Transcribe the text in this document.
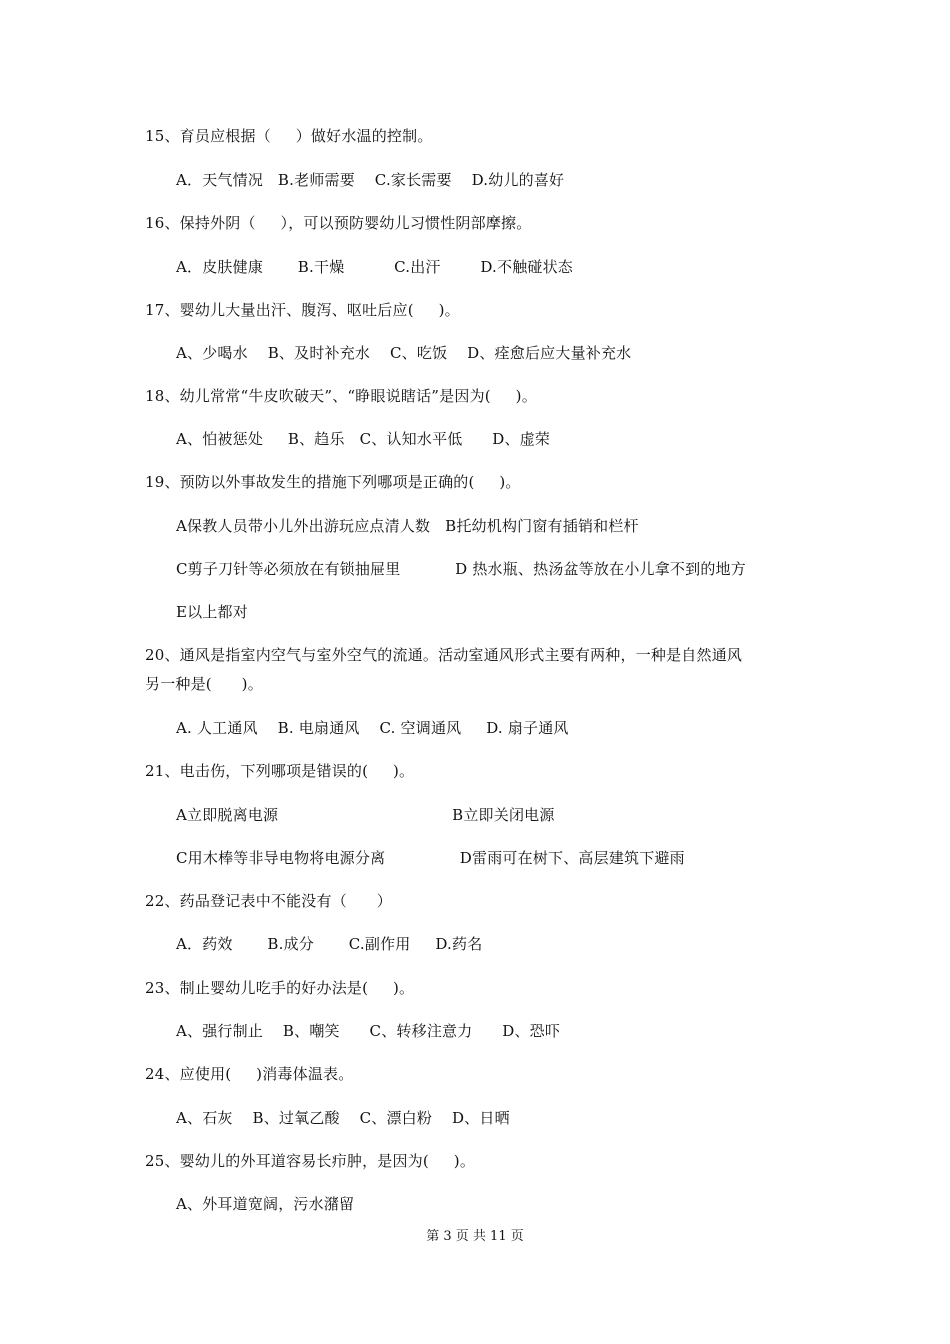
15、育员应根据（     ）做好水温的控制。
A．天气情况   B.老师需要    C.家长需要    D.幼儿的喜好
16、保持外阴（     ），可以预防婴幼儿习惯性阴部摩擦。
A．皮肤健康       B.干燥          C.出汗        D.不触碰状态
17、婴幼儿大量出汗、腹泻、呕吐后应(     )。
A、少喝水    B、及时补充水    C、吃饭    D、痊愈后应大量补充水
18、幼儿常常“牛皮吹破天”、“睁眼说瞎话”是因为(     )。
A、怕被惩处     B、趋乐   C、认知水平低      D、虚荣
19、预防以外事故发生的措施下列哪项是正确的(     )。
A保教人员带小儿外出游玩应点清人数   B托幼机构门窗有插销和栏杆
C剪子刀针等必须放在有锁抽屉里           D 热水瓶、热汤盆等放在小儿拿不到的地方
E以上都对
20、通风是指室内空气与室外空气的流通。活动室通风形式主要有两种，一种是自然通风
另一种是(      )。
A. 人工通风    B. 电扇通风    C. 空调通风     D. 扇子通风
21、电击伤，下列哪项是错误的(     )。
A立即脱离电源                                   B立即关闭电源
C用木棒等非导电物将电源分离               D雷雨可在树下、高层建筑下避雨
22、药品登记表中不能没有（      ）
A．药效       B.成分       C.副作用     D.药名
23、制止婴幼儿吃手的好办法是(     )。
A、强行制止    B、嘲笑      C、转移注意力      D、恐吓
24、应使用(     )消毒体温表。
A、石灰    B、过氧乙酸    C、漂白粉    D、日晒
25、婴幼儿的外耳道容易长疖肿，是因为(     )。
A、外耳道宽阔，污水潴留
第 3 页 共 11 页
